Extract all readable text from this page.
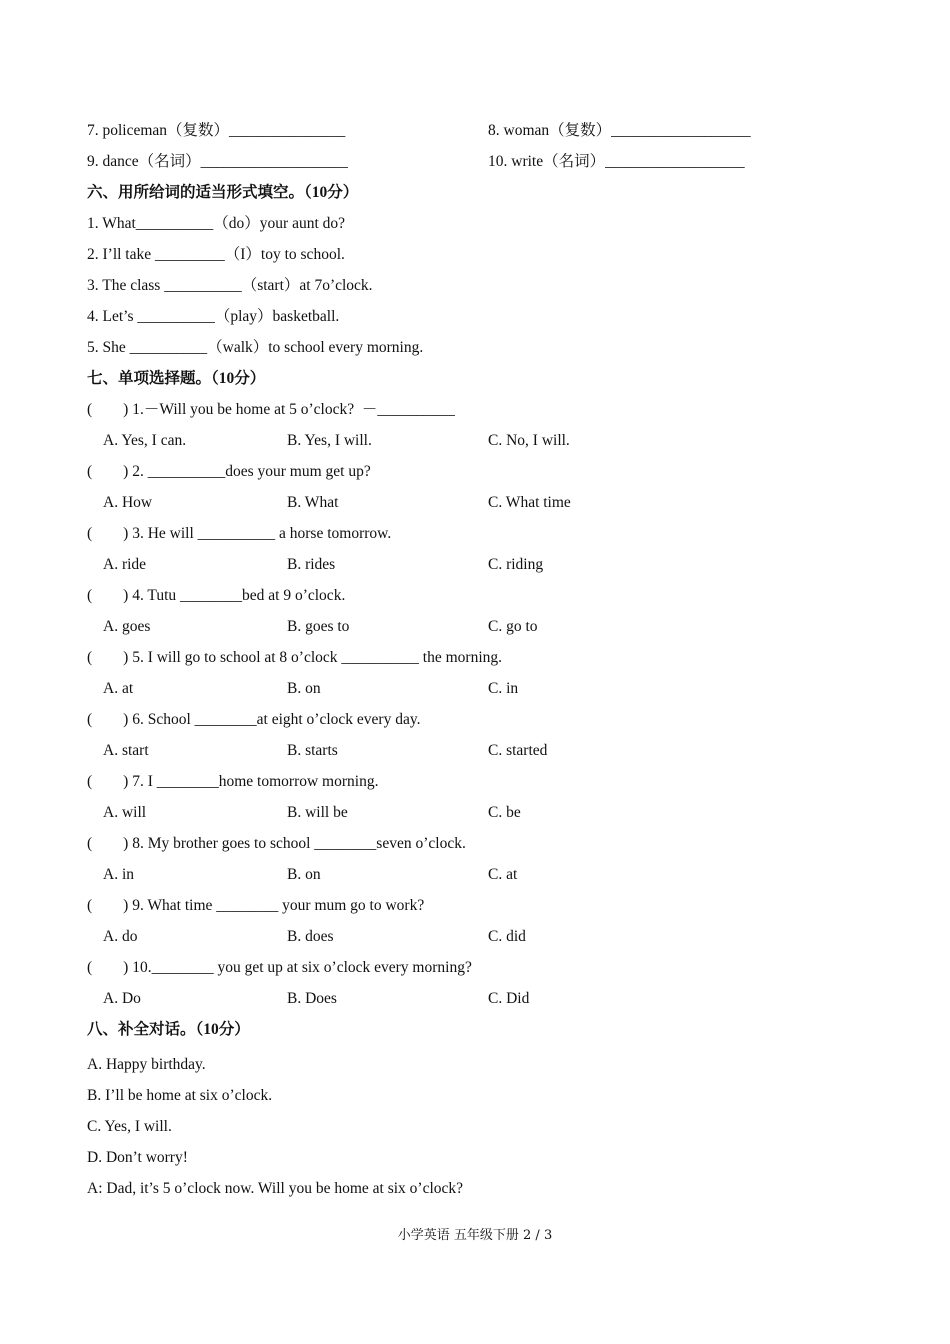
7. policeman（复数）_______________	8. woman（复数）__________________
9. dance（名词）___________________	10. write（名词）__________________
六、用所给词的适当形式填空。（10分）
1. What__________（do）your aunt do?
2. I’ll take _________（I）toy to school.
3. The class __________（start）at 7o’clock.
4. Let’s __________（play）basketball.
5. She __________（walk）to school every morning.
七、单项选择题。（10分）
(        ) 1.－Will you be home at 5 o’clock?  －__________
A. Yes, I can.	B. Yes, I will.	C. No, I will.
(        ) 2. __________does your mum get up?
A. How	B. What	C. What time
(        ) 3. He will __________ a horse tomorrow.
A. ride	B. rides	C. riding
(        ) 4. Tutu ________bed at 9 o’clock.
A. goes	B. goes to	C. go to
(        ) 5. I will go to school at 8 o’clock __________ the morning.
A. at	B. on	C. in
(        ) 6. School ________at eight o’clock every day.
A. start	B. starts	C. started
(        ) 7. I ________home tomorrow morning.
A. will	B. will be	C. be
(        ) 8. My brother goes to school ________seven o’clock.
A. in	B. on	C. at
(        ) 9. What time ________ your mum go to work?
A. do	B. does	C. did
(        ) 10.________ you get up at six o’clock every morning?
A. Do	B. Does	C. Did
八、补全对话。（10分）
A. Happy birthday.
B. I’ll be home at six o’clock.
C. Yes, I will.
D. Don’t worry!
A: Dad, it’s 5 o’clock now. Will you be home at six o’clock?
小学英语 五年级下册 2 / 3
